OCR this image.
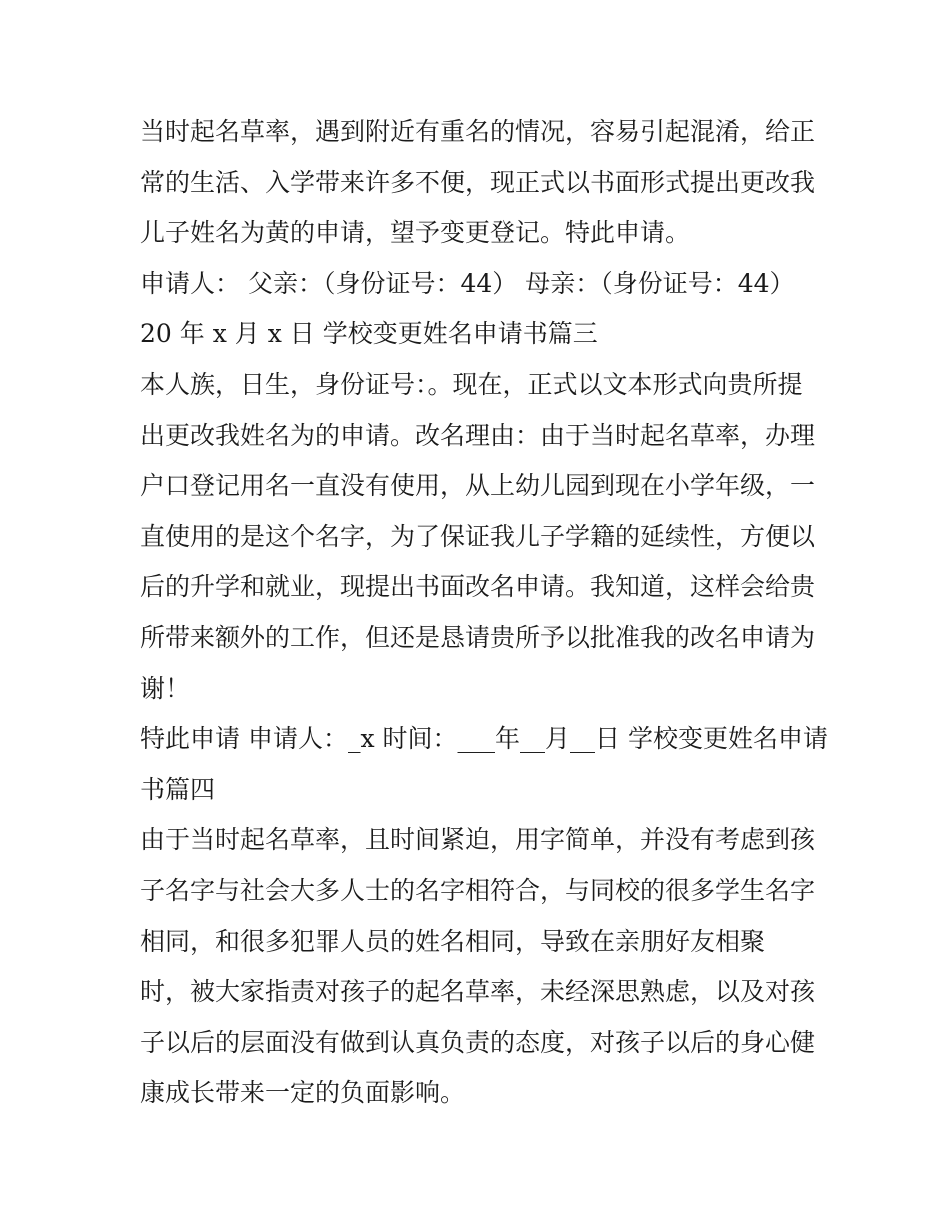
当时起名草率，遇到附近有重名的情况，容易引起混淆，给正
常的生活、入学带来许多不便，现正式以书面形式提出更改我
儿子姓名为黄的申请，望予变更登记。特此申请。
申请人： 父亲：（身份证号：44） 母亲：（身份证号：44）
20 年 x 月 x 日 学校变更姓名申请书篇三
本人族，日生，身份证号：。现在，正式以文本形式向贵所提
出更改我姓名为的申请。改名理由：由于当时起名草率，办理
户口登记用名一直没有使用，从上幼儿园到现在小学年级，一
直使用的是这个名字，为了保证我儿子学籍的延续性，方便以
后的升学和就业，现提出书面改名申请。我知道，这样会给贵
所带来额外的工作，但还是恳请贵所予以批准我的改名申请为
谢！
特此申请 申请人：_x 时间：___年__月__日 学校变更姓名申请
书篇四
由于当时起名草率，且时间紧迫，用字简单，并没有考虑到孩
子名字与社会大多人士的名字相符合，与同校的很多学生名字
相同，和很多犯罪人员的姓名相同，导致在亲朋好友相聚
时，被大家指责对孩子的起名草率，未经深思熟虑，以及对孩
子以后的层面没有做到认真负责的态度，对孩子以后的身心健
康成长带来一定的负面影响。
